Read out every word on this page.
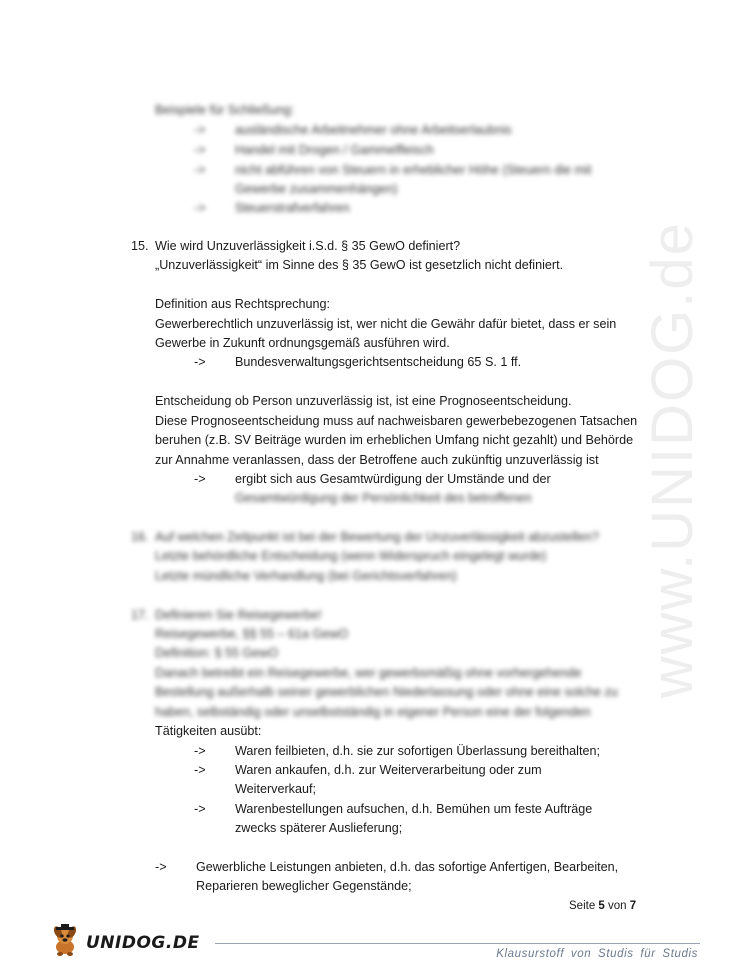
www.UNIDOG.de
Beispiele für Schließung:
-> ausländische Arbeitnehmer ohne Arbeitserlaubnis
-> Handel mit Drogen / Gammelfleisch
-> nicht abführen von Steuern in erheblicher Höhe (Steuern die mit
Gewerbe zusammenhängen)
-> Steuerstrafverfahren
15. Wie wird Unzuverlässigkeit i.S.d. § 35 GewO definiert?
„Unzuverlässigkeit“ im Sinne des § 35 GewO ist gesetzlich nicht definiert.
Definition aus Rechtsprechung:
Gewerberechtlich unzuverlässig ist, wer nicht die Gewähr dafür bietet, dass er sein
Gewerbe in Zukunft ordnungsgemäß ausführen wird.
-> Bundesverwaltungsgerichtsentscheidung 65 S. 1 ff.
Entscheidung ob Person unzuverlässig ist, ist eine Prognoseentscheidung.
Diese Prognoseentscheidung muss auf nachweisbaren gewerbebezogenen Tatsachen
beruhen (z.B. SV Beiträge wurden im erheblichen Umfang nicht gezahlt) und Behörde
zur Annahme veranlassen, dass der Betroffene auch zukünftig unzuverlässig ist
-> ergibt sich aus Gesamtwürdigung der Umstände und der
Gesamtwürdigung der Persönlichkeit des betroffenen
16. Auf welchen Zeitpunkt ist bei der Bewertung der Unzuverlässigkeit abzustellen?
Letzte behördliche Entscheidung (wenn Widerspruch eingelegt wurde)
Letzte mündliche Verhandlung (bei Gerichtsverfahren)
17. Definieren Sie Reisegewerbe!
Reisegewerbe, §§ 55 – 61a GewO
Definition: § 55 GewO
Danach betreibt ein Reisegewerbe, wer gewerbsmäßig ohne vorhergehende
Bestellung außerhalb seiner gewerblichen Niederlassung oder ohne eine solche zu
haben, selbständig oder unselbstständig in eigener Person eine der folgenden
Tätigkeiten ausübt:
-> Waren feilbieten, d.h. sie zur sofortigen Überlassung bereithalten;
-> Waren ankaufen, d.h. zur Weiterverarbeitung oder zum
Weiterverkauf;
-> Warenbestellungen aufsuchen, d.h. Bemühen um feste Aufträge
zwecks späterer Auslieferung;
-> Gewerbliche Leistungen anbieten, d.h. das sofortige Anfertigen, Bearbeiten,
Reparieren beweglicher Gegenstände;
Seite 5 von 7
UNIDOG.DE
Klausurstoff von Studis für Studis
